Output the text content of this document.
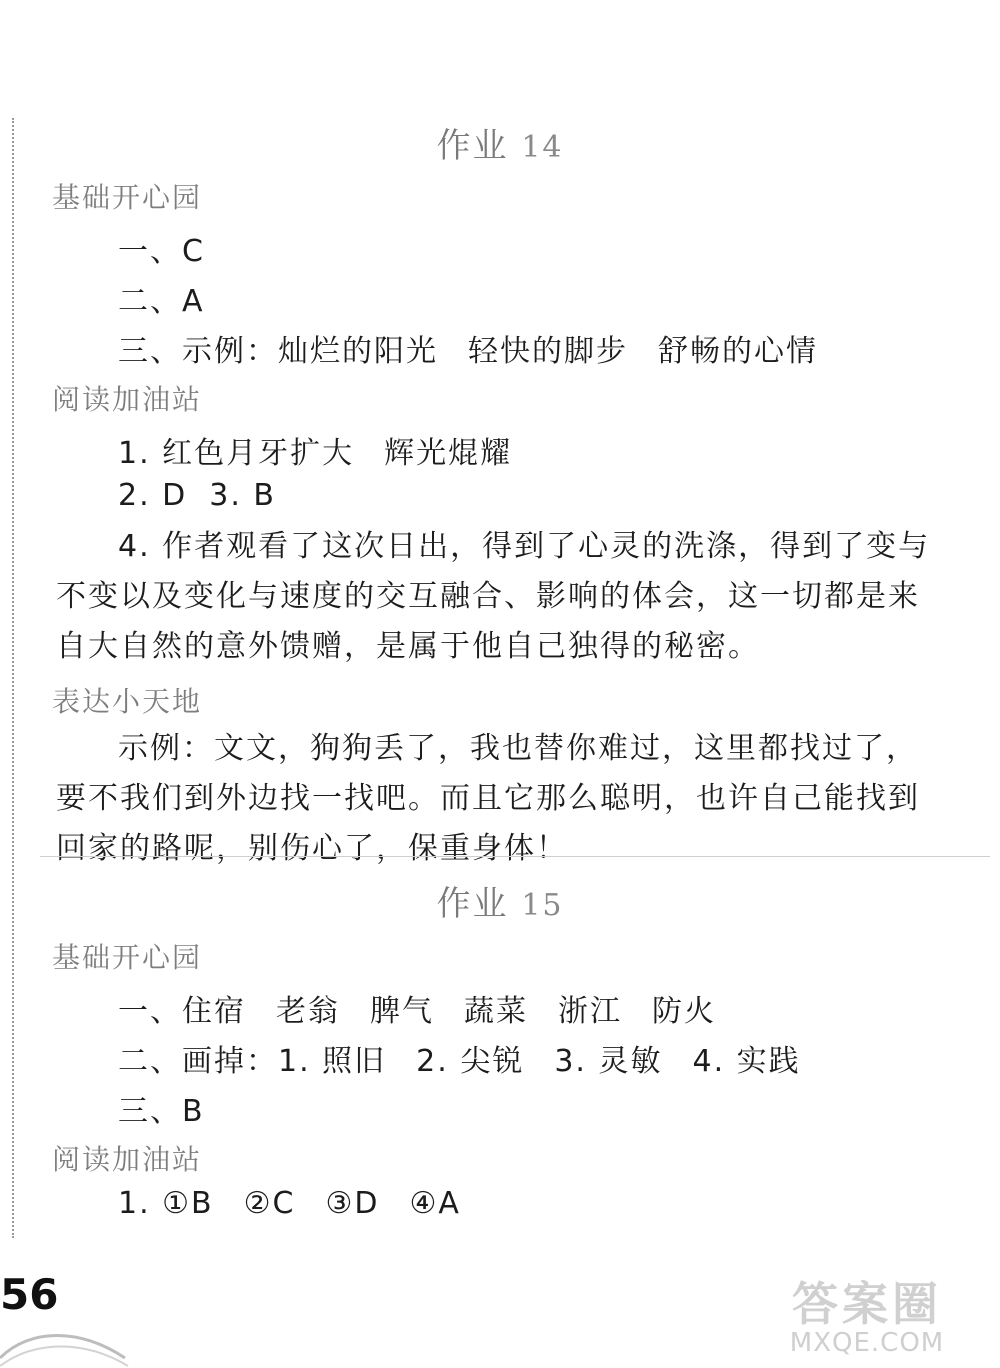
作业 14
基础开心园
一、C
二、A
三、示例：灿烂的阳光 轻快的脚步 舒畅的心情
阅读加油站
1. 红色月牙扩大 辉光焜耀
2. D 3. B
4. 作者观看了这次日出，得到了心灵的洗涤，得到了变与不变以及变化与速度的交互融合、影响的体会，这一切都是来自大自然的意外馈赠，是属于他自己独得的秘密。
表达小天地
示例：文文，狗狗丢了，我也替你难过，这里都找过了，要不我们到外边找一找吧。而且它那么聪明，也许自己能找到回家的路呢，别伤心了，保重身体！
作业 15
基础开心园
一、住宿 老翁 脾气 蔬菜 浙江 防火
二、画掉：1. 照旧 2. 尖锐 3. 灵敏 4. 实践
三、B
阅读加油站
1. ①B ②C ③D ④A
56	答案圈
MXQE.COM
